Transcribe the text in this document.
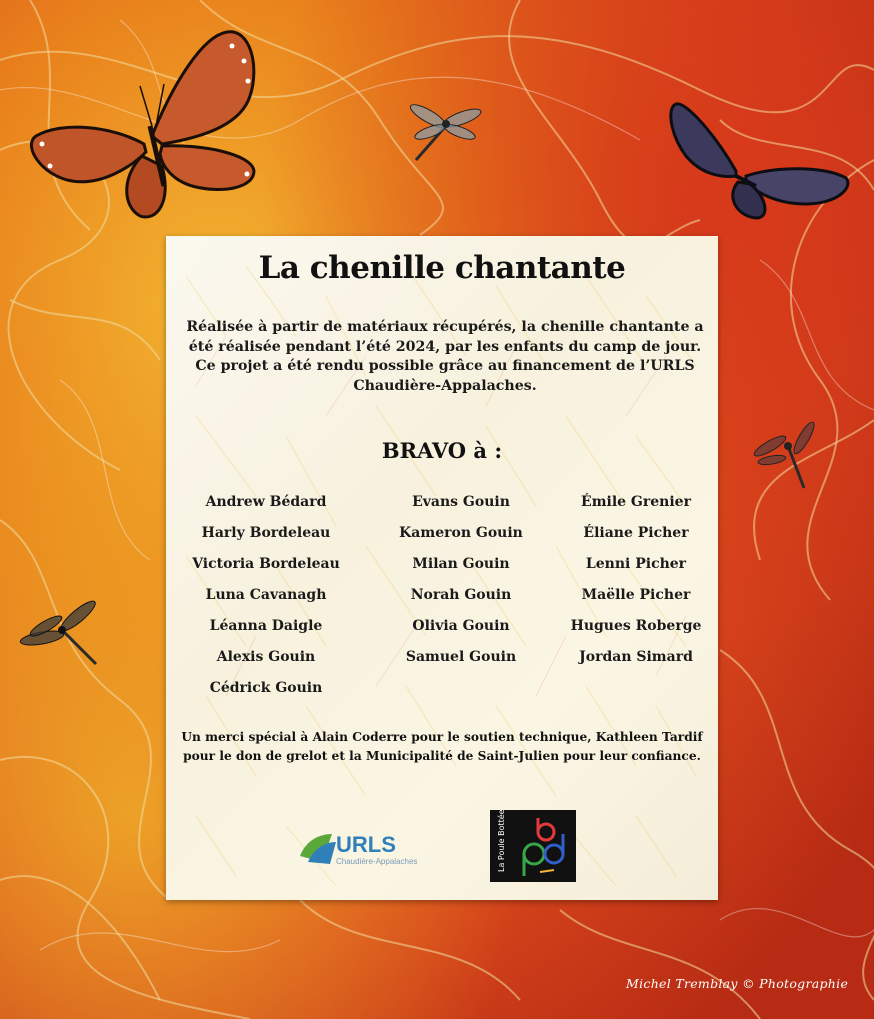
La chenille chantante
Réalisée à partir de matériaux récupérés, la chenille chantante a été réalisée pendant l’été 2024, par les enfants du camp de jour. Ce projet a été rendu possible grâce au financement de l’URLS Chaudière-Appalaches.
BRAVO à :
Andrew Bédard
Harly Bordeleau
Victoria Bordeleau
Luna Cavanagh
Léanna Daigle
Alexis Gouin
Cédrick Gouin
Evans Gouin
Kameron Gouin
Milan Gouin
Norah Gouin
Olivia Gouin
Samuel Gouin
Émile Grenier
Éliane Picher
Lenni Picher
Maëlle Picher
Hugues Roberge
Jordan Simard
Un merci spécial à Alain Coderre pour le soutien technique, Kathleen Tardif pour le don de grelot et la Municipalité de Saint-Julien pour leur confiance.
URLS
Chaudière-Appalaches	La Poule Bottée
Michel Tremblay © Photographie
